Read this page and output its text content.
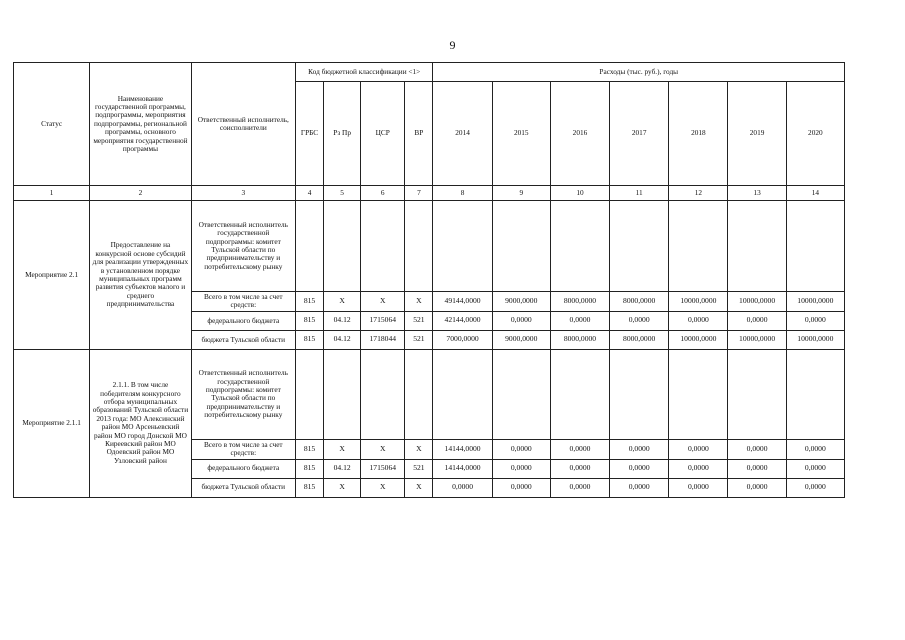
9
Статус	Наименование государственной программы, подпрограммы, мероприятия подпрограммы, региональной программы, основного мероприятия государственной программы	Ответственный исполнитель, соисполнители	Код бюджетной классификации <1>				Расходы (тыс. руб.), годы						
			ГРБС	Рз Пр	ЦСР	ВР	2014	2015	2016	2017	2018	2019	2020
1	2	3	4	5	6	7	8	9	10	11	12	13	14
Мероприятие 2.1	Предоставление на конкурсной основе субсидий для реализации утвержденных в установленном порядке муниципальных программ развития субъектов малого и среднего предпринимательства	Ответственный исполнитель государственной подпрограммы: комитет Тульской области по предпринимательству и потребительскому рынку											
		Всего в том числе за счет средств:	815	Х	Х	Х	49144,0000	9000,0000	8000,0000	8000,0000	10000,0000	10000,0000	10000,0000
		федерального бюджета	815	04.12	1715064	521	42144,0000	0,0000	0,0000	0,0000	0,0000	0,0000	0,0000
		бюджета Тульской области	815	04.12	1718044	521	7000,0000	9000,0000	8000,0000	8000,0000	10000,0000	10000,0000	10000,0000
Мероприятие 2.1.1	2.1.1. В том числе победителям конкурсного отбора муниципальных образований Тульской области 2013 года: МО Алексинский район МО Арсеньевский район МО город Донской МО Киреевский район МО Одоевский район МО Узловский район	Ответственный исполнитель государственной подпрограммы: комитет Тульской области по предпринимательству и потребительскому рынку											
		Всего в том числе за счет средств:	815	Х	Х	Х	14144,0000	0,0000	0,0000	0,0000	0,0000	0,0000	0,0000
		федерального бюджета	815	04.12	1715064	521	14144,0000	0,0000	0,0000	0,0000	0,0000	0,0000	0,0000
		бюджета Тульской области	815	Х	Х	Х	0,0000	0,0000	0,0000	0,0000	0,0000	0,0000	0,0000
